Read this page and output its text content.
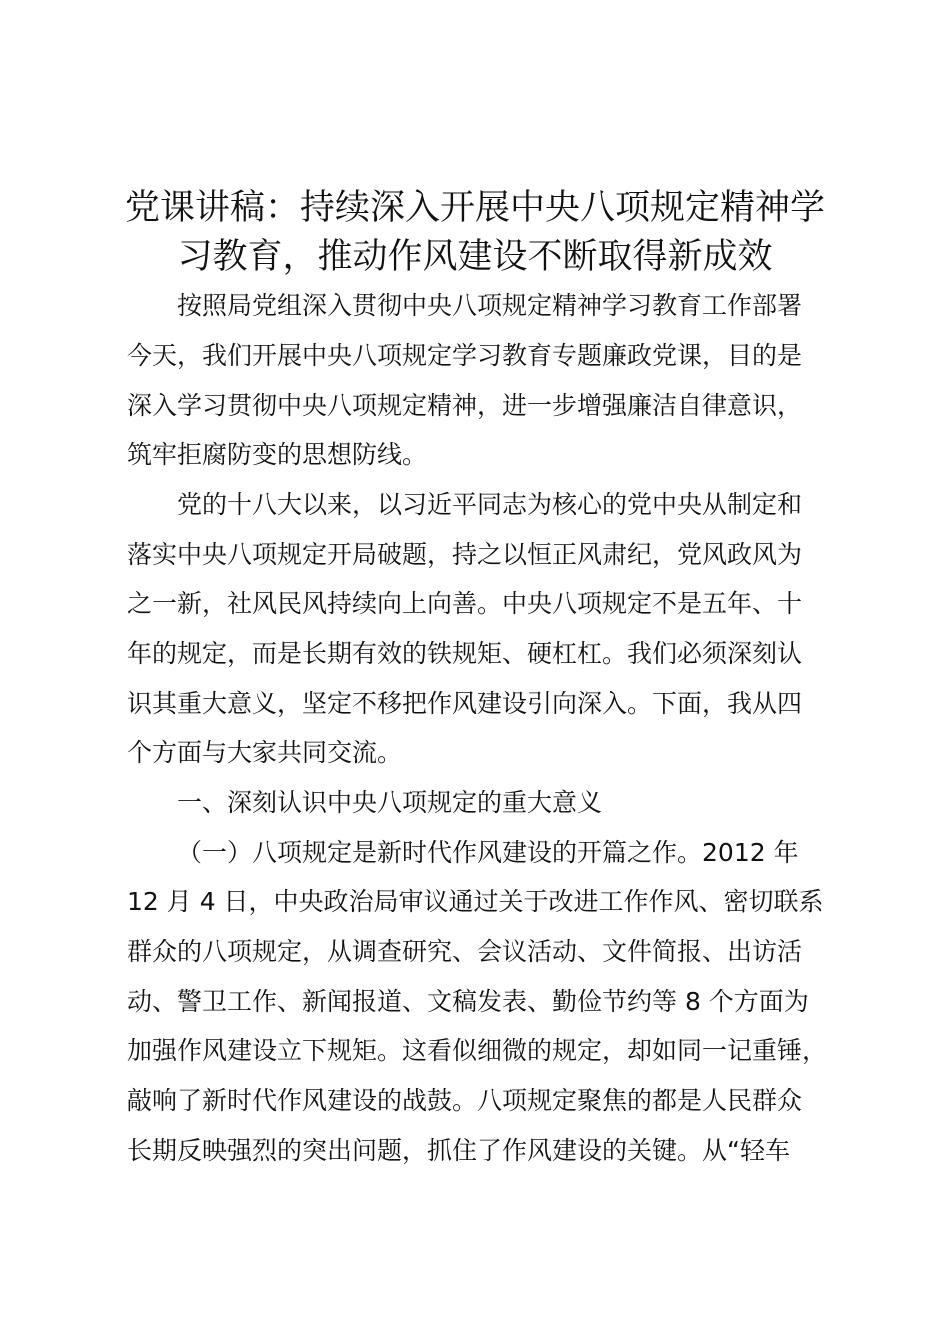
党课讲稿：持续深入开展中央八项规定精神学
习教育，推动作风建设不断取得新成效
按照局党组深入贯彻中央八项规定精神学习教育工作部署
今天，我们开展中央八项规定学习教育专题廉政党课，目的是
深入学习贯彻中央八项规定精神，进一步增强廉洁自律意识，
筑牢拒腐防变的思想防线。
党的十八大以来，以习近平同志为核心的党中央从制定和
落实中央八项规定开局破题，持之以恒正风肃纪，党风政风为
之一新，社风民风持续向上向善。中央八项规定不是五年、十
年的规定，而是长期有效的铁规矩、硬杠杠。我们必须深刻认
识其重大意义，坚定不移把作风建设引向深入。下面，我从四
个方面与大家共同交流。
一、深刻认识中央八项规定的重大意义
（一）八项规定是新时代作风建设的开篇之作。2012 年
12 月 4 日，中央政治局审议通过关于改进工作作风、密切联系
群众的八项规定，从调查研究、会议活动、文件简报、出访活
动、警卫工作、新闻报道、文稿发表、勤俭节约等 8 个方面为
加强作风建设立下规矩。这看似细微的规定，却如同一记重锤，
敲响了新时代作风建设的战鼓。八项规定聚焦的都是人民群众
长期反映强烈的突出问题，抓住了作风建设的关键。从“轻车
